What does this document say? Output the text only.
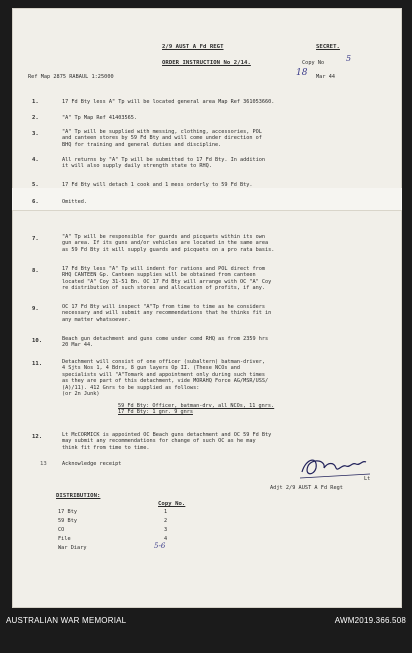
2/9 AUST A Fd REGT	SECRET.
ORDER INSTRUCTION No 2/14.	Copy No	5
18 Mar 44
Ref Map 2875 RABAUL 1:25000
1.	17 Fd Bty less A" Tp will be located general area Map Ref 361053660.
2.	"A" Tp Map Ref 41403565.
3.	"A" Tp will be supplied with messing, clothing, accessories, POL
and canteen stores by 59 Fd Bty and will come under direction of
BHQ for training and general duties and discipline.
4.	All returns by "A" Tp will be submitted to 17 Fd Bty. In addition
it will also supply daily strength state to RHQ.
5.	17 Fd Bty will detach 1 cook and 1 mess orderly to 59 Fd Bty.
6.	Omitted.
7.	"A" Tp will be responsible for guards and picquets within its own
gun area. If its guns and/or vehicles are located in the same area
as 59 Fd Bty it will supply guards and picquets on a pro rata basis.
8.	17 Fd Bty less "A" Tp will indent for rations and POL direct from
RHQ CANTEEN Gp. Canteen supplies will be obtained from canteen
located "A" Coy 31-51 Bn. OC 17 Fd Bty will arrange with OC "A" Coy
re distribution of such stores and allocation of profits, if any.
9.	OC 17 Fd Bty will inspect "A"Tp from time to time as he considers
necessary and will submit any recommendations that he thinks fit in
any matter whatsoever.
10.	Beach gun detachment and guns come under comd RHQ as from 2359 hrs
20 Mar 44.
11.	Detachment will consist of one officer (subaltern) batman-driver,
4 Sjts Nos 1, 4 Bdrs, 8 gun layers Op II. (These NCOs and
specialists will "A"Tomark and appointment only during such times
as they are part of this detachment, vide MORAHQ Force AG/MSR/USS/
(A)/11). 412 Gnrs to be supplied as follows:
(or 2n Junk)
59 Fd Bty: Officer, batman-drv, all NCOs, 11 gnrs.
17 Fd Bty: 1 gnr. 9 gnrs
12.	Lt McCORMICK is appointed OC Beach guns detachment and OC 59 Fd Bty
may submit any recommendations for change of such OC as he may
think fit from time to time.
13	Acknowledge receipt
Lt
Adjt 2/9 AUST A Fd Regt
DISTRIBUTION:
Copy No.
17 Bty	1
59 Bty	2
CO	3
File	4
War Diary	5-6
AUSTRALIAN WAR MEMORIAL	AWM2019.366.508
